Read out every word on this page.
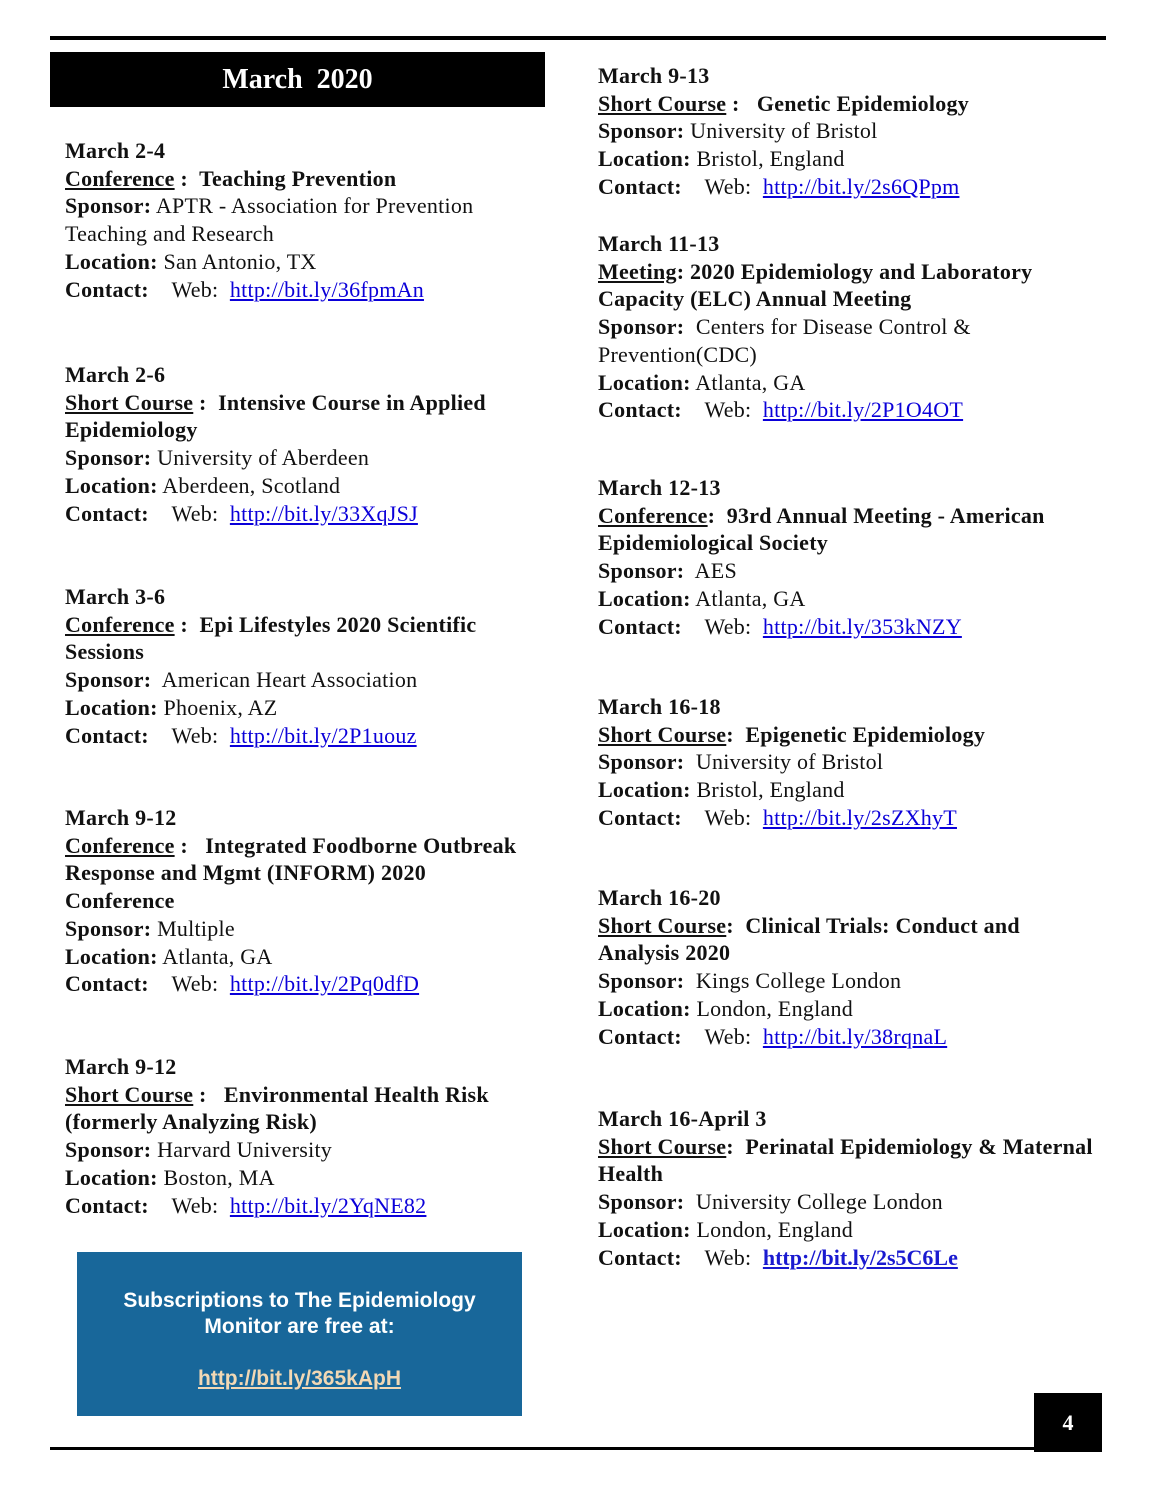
March  2020
March 2-4
Conference :  Teaching Prevention
Sponsor: APTR - Association for Prevention
Teaching and Research
Location: San Antonio, TX
Contact: Web: http://bit.ly/36fpmAn
March 2-6
Short Course :  Intensive Course in Applied
Epidemiology
Sponsor: University of Aberdeen
Location: Aberdeen, Scotland
Contact: Web: http://bit.ly/33XqJSJ
March 3-6
Conference :  Epi Lifestyles 2020 Scientific
Sessions
Sponsor:  American Heart Association
Location: Phoenix, AZ
Contact: Web: http://bit.ly/2P1uouz
March 9-12
Conference :   Integrated Foodborne Outbreak
Response and Mgmt (INFORM) 2020
Conference
Sponsor: Multiple
Location: Atlanta, GA
Contact: Web: http://bit.ly/2Pq0dfD
March 9-12
Short Course :   Environmental Health Risk
(formerly Analyzing Risk)
Sponsor: Harvard University
Location: Boston, MA
Contact: Web: http://bit.ly/2YqNE82
March 9-13
Short Course :   Genetic Epidemiology
Sponsor: University of Bristol
Location: Bristol, England
Contact: Web: http://bit.ly/2s6QPpm
March 11-13
Meeting: 2020 Epidemiology and Laboratory
Capacity (ELC) Annual Meeting
Sponsor:  Centers for Disease Control &
Prevention(CDC)
Location: Atlanta, GA
Contact: Web: http://bit.ly/2P1O4OT
March 12-13
Conference:  93rd Annual Meeting - American
Epidemiological Society
Sponsor:  AES
Location: Atlanta, GA
Contact: Web: http://bit.ly/353kNZY
March 16-18
Short Course:  Epigenetic Epidemiology
Sponsor:  University of Bristol
Location: Bristol, England
Contact: Web: http://bit.ly/2sZXhyT
March 16-20
Short Course:  Clinical Trials: Conduct and
Analysis 2020
Sponsor:  Kings College London
Location: London, England
Contact: Web: http://bit.ly/38rqnaL
March 16-April 3
Short Course:  Perinatal Epidemiology & Maternal
Health
Sponsor:  University College London
Location: London, England
Contact: Web: http://bit.ly/2s5C6Le
Subscriptions to The Epidemiology
Monitor are free at:
http://bit.ly/365kApH
4
